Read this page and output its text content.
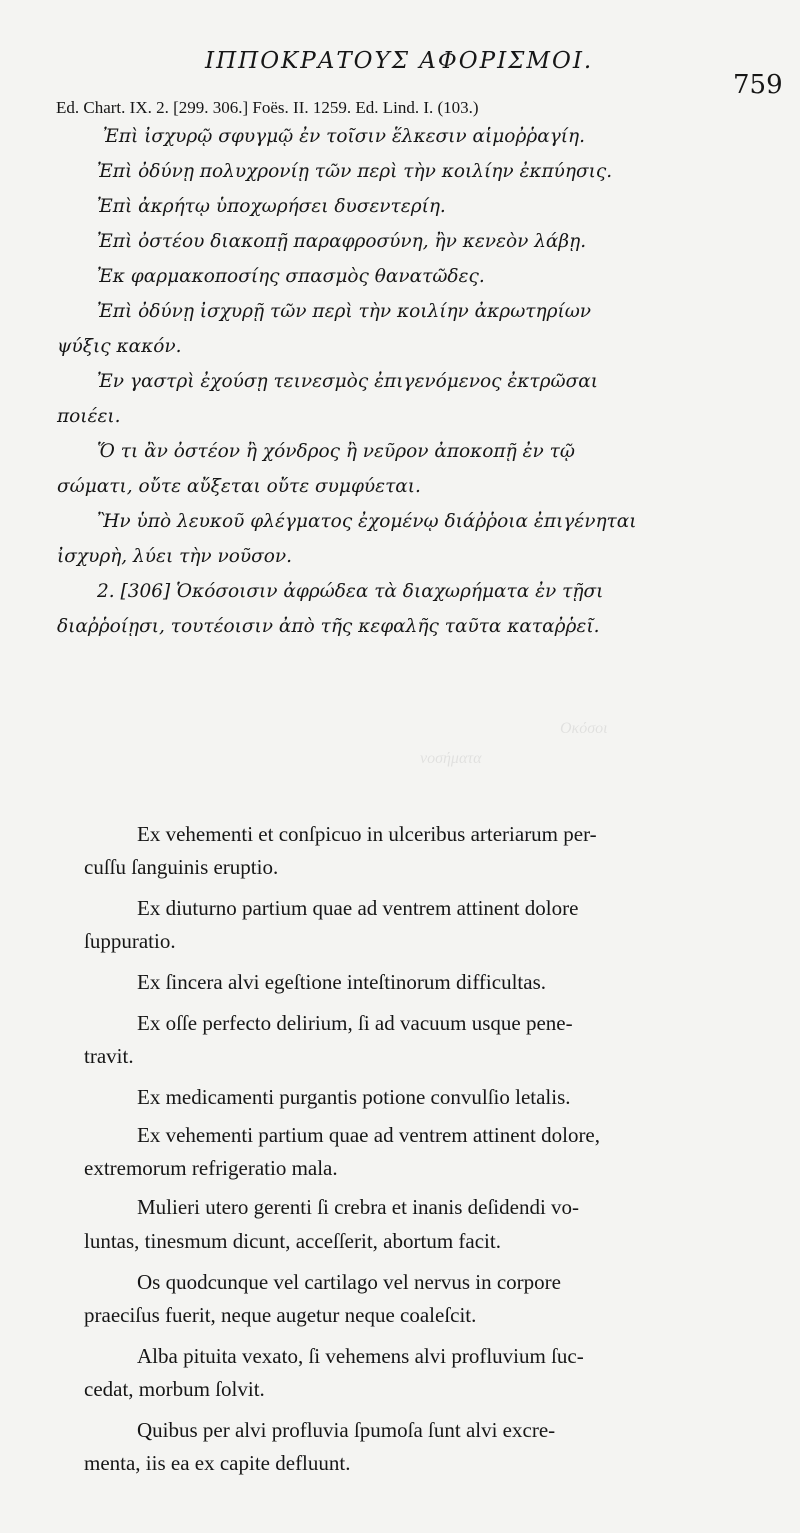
ΙΠΠΟΚΡΑΤΟΥΣ ΑΦΟΡΙΣΜΟΙ.
759
Ed. Chart. IX. 2. [299. 306.] Foës. II. 1259. Ed. Lind. I. (103.)

Ἐπὶ ἰσχυρῷ σφυγμῷ ἐν τοῖσιν ἕλκεσιν αἱμοῤῥαγίη.

Ἐπὶ ὀδύνῃ πολυχρονίῃ τῶν περὶ τὴν κοιλίην ἐκπύησις.

Ἐπὶ ἀκρήτῳ ὑποχωρήσει δυσεντερίη.

Ἐπὶ ὀστέου διακοπῇ παραφροσύνη, ἢν κενεὸν λάβῃ.

Ἐκ φαρμακοποσίης σπασμὸς θανατῶδες.

Ἐπὶ ὀδύνῃ ἰσχυρῇ τῶν περὶ τὴν κοιλίην ἀκρωτηρίων

ψύξις κακόν.

Ἐν γαστρὶ ἐχούσῃ τεινεσμὸς ἐπιγενόμενος ἐκτρῶσαι

ποιέει.

Ὅ τι ἂν ὀστέον ἢ χόνδρος ἢ νεῦρον ἀποκοπῇ ἐν τῷ

σώματι, οὔτε αὔξεται οὔτε συμφύεται.

Ἢν ὑπὸ λευκοῦ φλέγματος ἐχομένῳ διάῤῥοια ἐπιγένηται

ἰσχυρὴ, λύει τὴν νοῦσον.

2. [306] Ὁκόσοισιν ἀφρώδεα τὰ διαχωρήματα ἐν τῇσι

διαῤῥοίῃσι, τουτέοισιν ἀπὸ τῆς κεφαλῆς ταῦτα καταῤῥεῖ.

Oκόσοι
νοσήματα

Ex vehementi et conſpicuo in ulceribus arteriarum per-

cuſſu ſanguinis eruptio.

Ex diuturno partium quae ad ventrem attinent dolore

ſuppuratio.

Ex ſincera alvi egeſtione inteſtinorum difficultas.

Ex oſſe perfecto delirium, ſi ad vacuum usque pene-

travit.

Ex medicamenti purgantis potione convulſio letalis.

Ex vehementi partium quae ad ventrem attinent dolore,

extremorum refrigeratio mala.

Mulieri utero gerenti ſi crebra et inanis deſidendi vo-

luntas, tinesmum dicunt, acceſſerit, abortum facit.

Os quodcunque vel cartilago vel nervus in corpore

praeciſus fuerit, neque augetur neque coaleſcit.

Alba pituita vexato, ſi vehemens alvi profluvium ſuc-

cedat, morbum ſolvit.

Quibus per alvi profluvia ſpumoſa ſunt alvi excre-

menta, iis ea ex capite defluunt.
